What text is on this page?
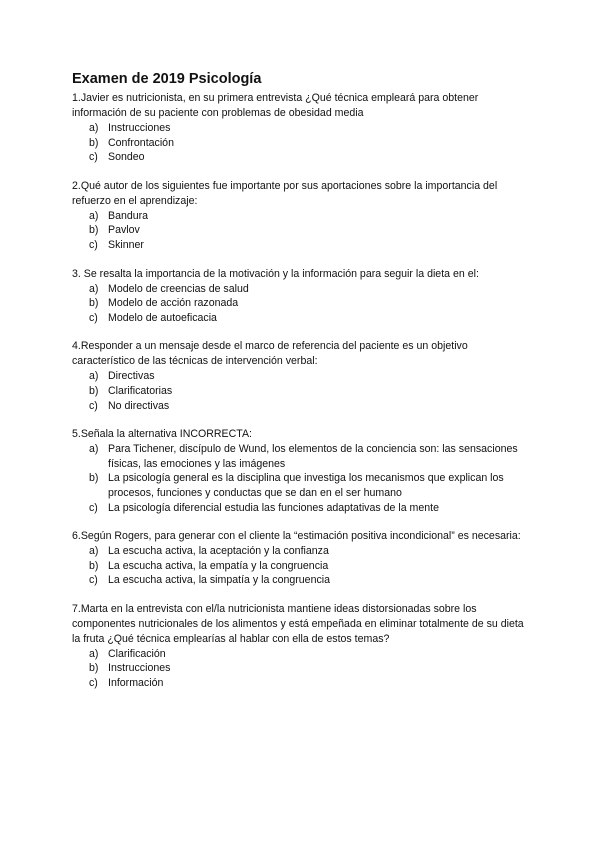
Examen de 2019 Psicología

1.Javier es nutricionista, en su primera entrevista ¿Qué técnica empleará para obtener información de su paciente con problemas de obesidad media

a) Instrucciones
b) Confrontación
c) Sondeo

2.Qué autor de los siguientes fue importante por sus aportaciones sobre la importancia del refuerzo en el aprendizaje:

a) Bandura
b) Pavlov
c) Skinner

3. Se resalta la importancia de la motivación y la información para seguir la dieta en el:

a) Modelo de creencias de salud
b) Modelo de acción razonada
c) Modelo de autoeficacia

4.Responder a un mensaje desde el marco de referencia del paciente es un objetivo característico de las técnicas de intervención verbal:

a) Directivas
b) Clarificatorias
c) No directivas

5.Señala la alternativa INCORRECTA:

a) Para Tichener, discípulo de Wund, los elementos de la conciencia son: las sensaciones físicas, las emociones y las imágenes
b) La psicología general es la disciplina que investiga los mecanismos que explican los procesos, funciones y conductas que se dan en el ser humano
c) La psicología diferencial estudia las funciones adaptativas de la mente

6.Según Rogers, para generar con el cliente la “estimación positiva incondicional” es necesaria:

a) La escucha activa, la aceptación y la confianza
b) La escucha activa, la empatía y la congruencia
c) La escucha activa, la simpatía y la congruencia

7.Marta en la entrevista con el/la nutricionista mantiene ideas distorsionadas sobre los componentes nutricionales de los alimentos y está empeñada en eliminar totalmente de su dieta la fruta ¿Qué técnica emplearías al hablar con ella de estos temas?

a) Clarificación
b) Instrucciones
c) Información
